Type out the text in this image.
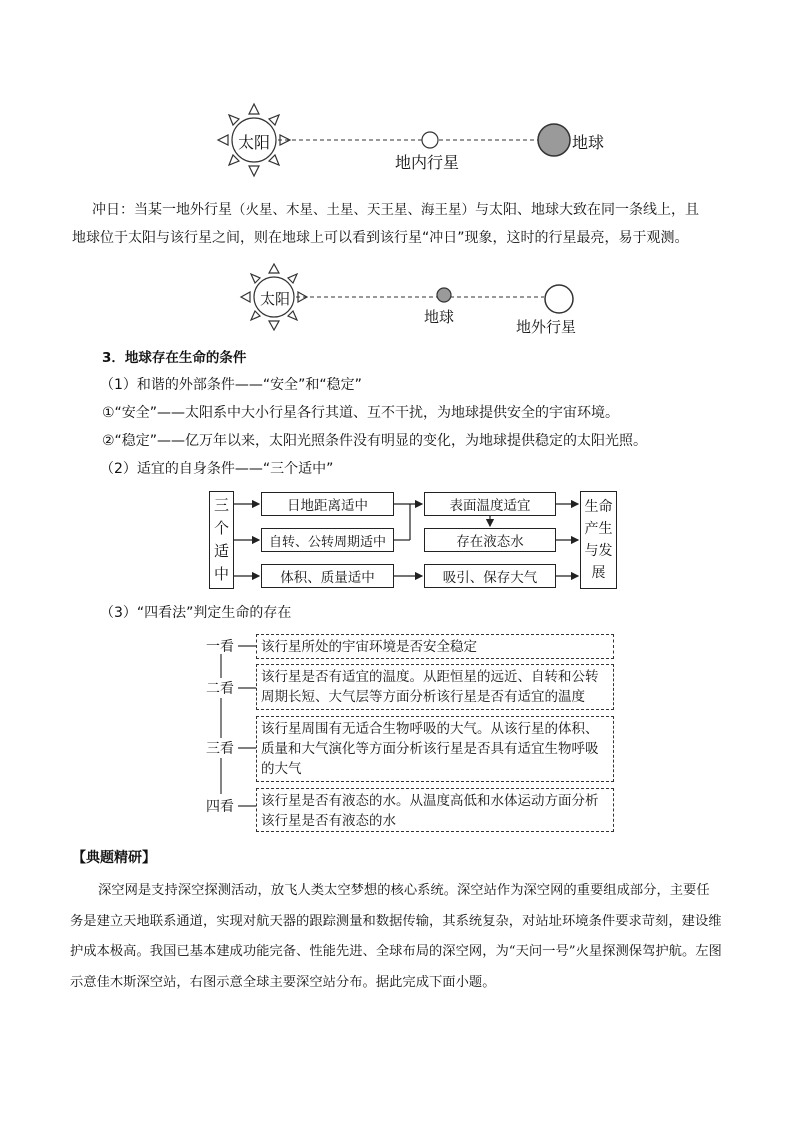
太阳
地内行星
地球
冲日：当某一地外行星（火星、木星、土星、天王星、海王星）与太阳、地球大致在同一条线上，且
地球位于太阳与该行星之间，则在地球上可以看到该行星“冲日”现象，这时的行星最亮，易于观测。
太阳
地球
地外行星
3．地球存在生命的条件
（1）和谐的外部条件——“安全”和“稳定”
①“安全”——太阳系中大小行星各行其道、互不干扰，为地球提供安全的宇宙环境。
②“稳定”——亿万年以来，太阳光照条件没有明显的变化，为地球提供稳定的太阳光照。
（2）适宜的自身条件——“三个适中”
三
个
适
中
日地距离适中
自转、公转周期适中
体积、质量适中
表面温度适宜
存在液态水
吸引、保存大气
生命
产生
与发
展
（3）“四看法”判定生命的存在
一看
二看
三看
四看
该行星所处的宇宙环境是否安全稳定
该行星是否有适宜的温度。从距恒星的远近、自转和公转周期长短、大气层等方面分析该行星是否有适宜的温度
该行星周围有无适合生物呼吸的大气。从该行星的体积、质量和大气演化等方面分析该行星是否具有适宜生物呼吸的大气
该行星是否有液态的水。从温度高低和水体运动方面分析该行星是否有液态的水
【典题精研】
深空网是支持深空探测活动，放飞人类太空梦想的核心系统。深空站作为深空网的重要组成部分，主要任务是建立天地联系通道，实现对航天器的跟踪测量和数据传输，其系统复杂，对站址环境条件要求苛刻，建设维护成本极高。我国已基本建成功能完备、性能先进、全球布局的深空网，为“天问一号”火星探测保驾护航。左图示意佳木斯深空站，右图示意全球主要深空站分布。据此完成下面小题。
